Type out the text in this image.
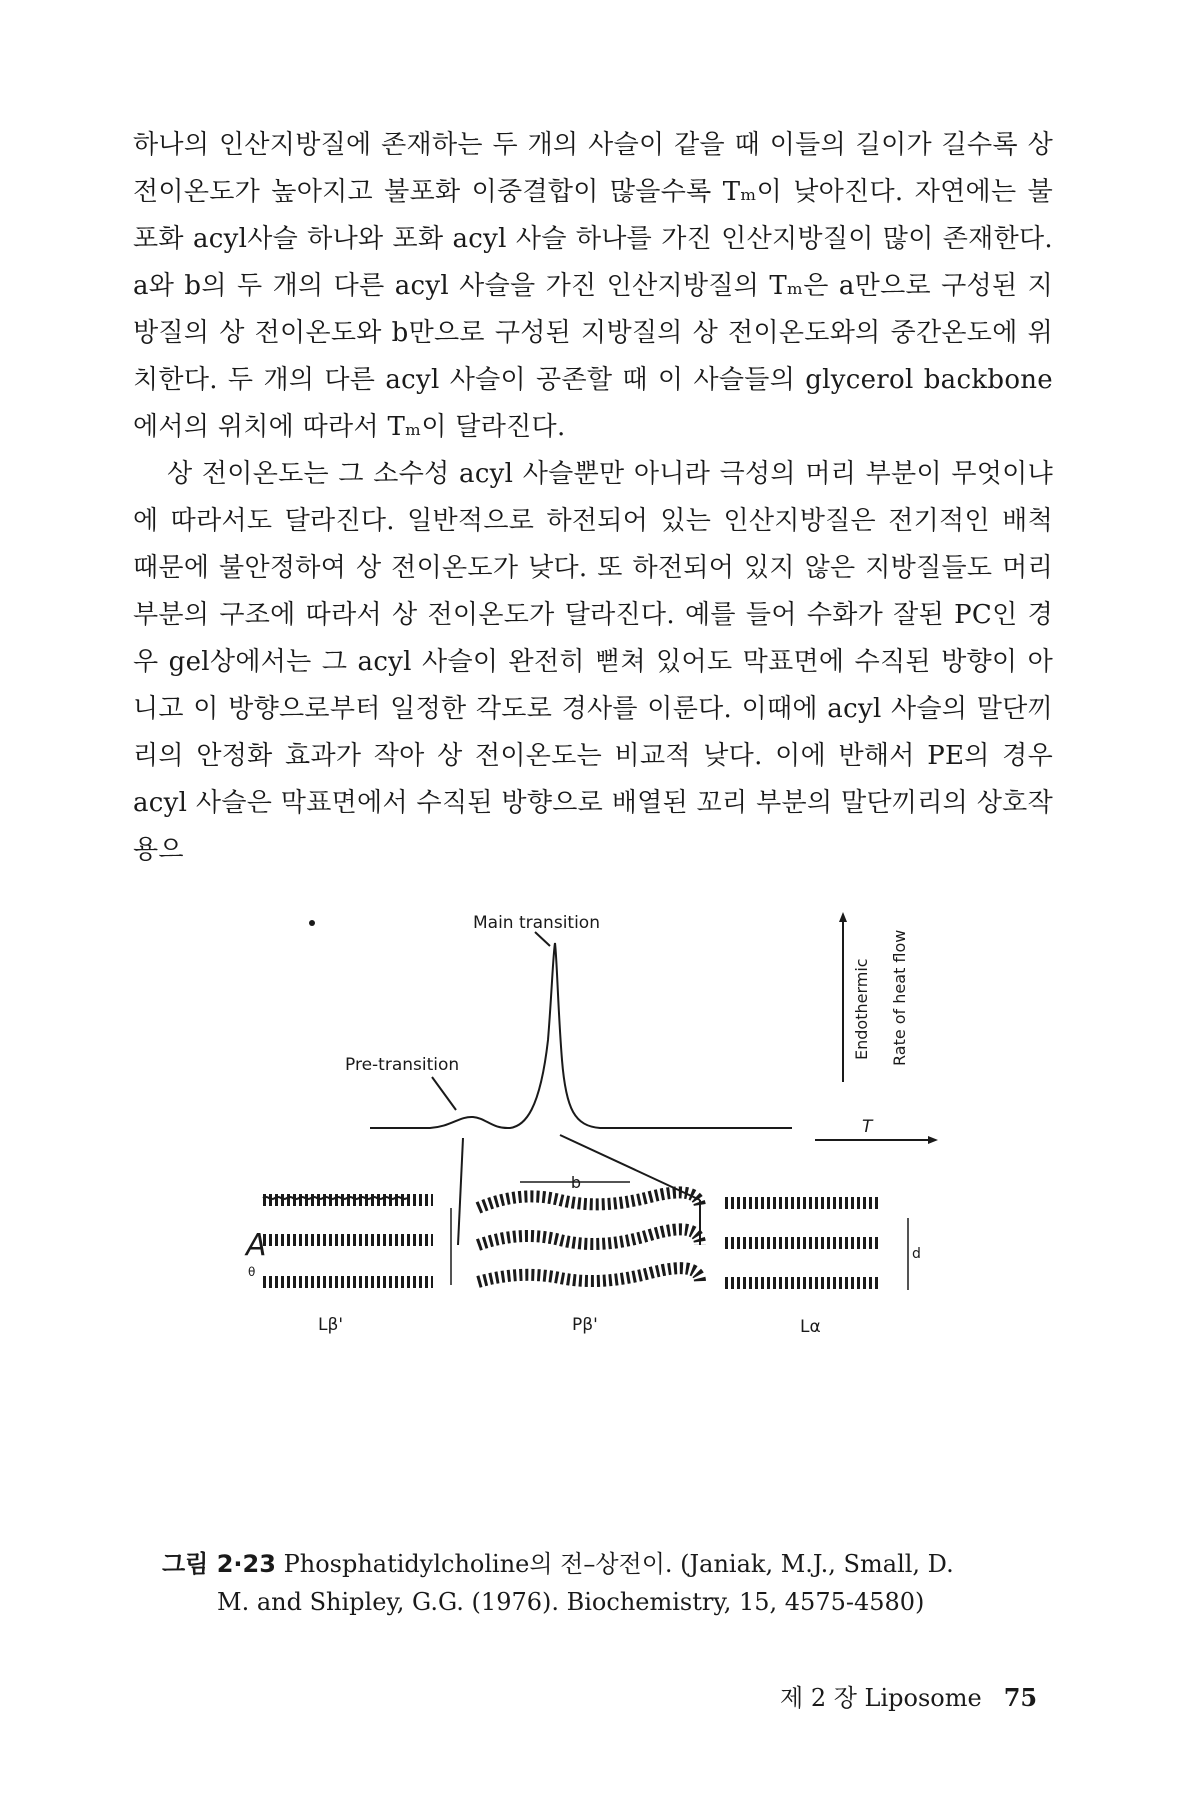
하나의 인산지방질에 존재하는 두 개의 사슬이 같을 때 이들의 길이가 길수록 상 전이온도가 높아지고 불포화 이중결합이 많을수록 Tₘ이 낮아진다. 자연에는 불포화 acyl사슬 하나와 포화 acyl 사슬 하나를 가진 인산지방질이 많이 존재한다. a와 b의 두 개의 다른 acyl 사슬을 가진 인산지방질의 Tₘ은 a만으로 구성된 지방질의 상 전이온도와 b만으로 구성된 지방질의 상 전이온도와의 중간온도에 위치한다. 두 개의 다른 acyl 사슬이 공존할 때 이 사슬들의 glycerol backbone에서의 위치에 따라서 Tₘ이 달라진다.

상 전이온도는 그 소수성 acyl 사슬뿐만 아니라 극성의 머리 부분이 무엇이냐에 따라서도 달라진다. 일반적으로 하전되어 있는 인산지방질은 전기적인 배척 때문에 불안정하여 상 전이온도가 낮다. 또 하전되어 있지 않은 지방질들도 머리 부분의 구조에 따라서 상 전이온도가 달라진다. 예를 들어 수화가 잘된 PC인 경우 gel상에서는 그 acyl 사슬이 완전히 뻗쳐 있어도 막표면에 수직된 방향이 아니고 이 방향으로부터 일정한 각도로 경사를 이룬다. 이때에 acyl 사슬의 말단끼리의 안정화 효과가 작아 상 전이온도는 비교적 낮다. 이에 반해서 PE의 경우 acyl 사슬은 막표면에서 수직된 방향으로 배열된 꼬리 부분의 말단끼리의 상호작용으

Main transition
Pre-transition
Endothermic Rate of heat flow
T
A
θ
b
d
Lβ'	Pβ'	Lα

그림 2·23 Phosphatidylcholine의 전–상전이. (Janiak, M.J., Small, D.
M. and Shipley, G.G. (1976). Biochemistry, 15, 4575-4580)

제 2 장 Liposome 75
